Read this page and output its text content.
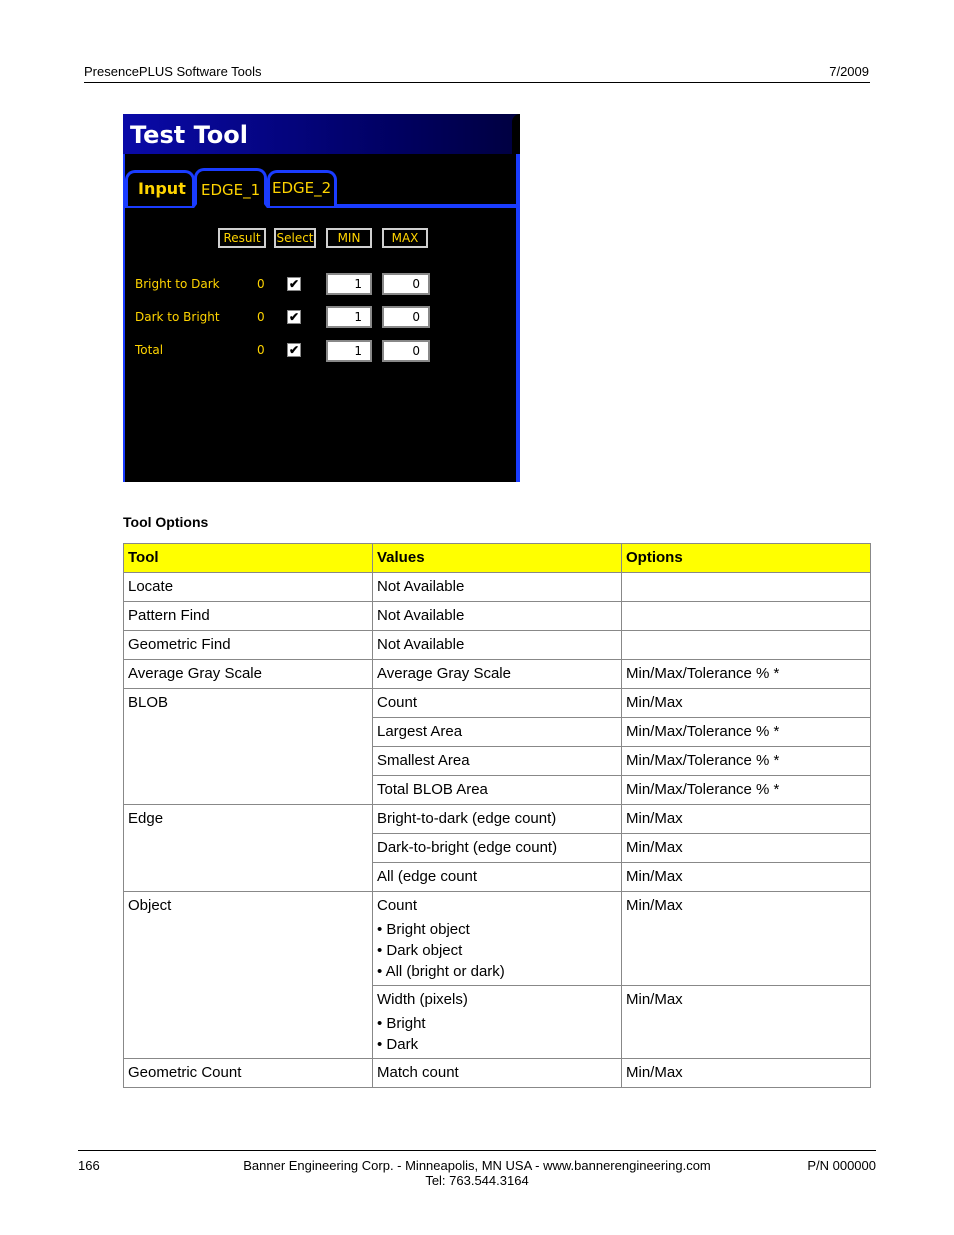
PresencePLUS Software Tools	7/2009
Test Tool
Input	EDGE_1 EDGE_2
Result	Select	MIN	MAX
Bright to Dark	0 ✔	1	0
Dark to Bright	0 ✔	1	0
Total	0 ✔	1	0
Tool Options
Tool	Values	Options
Locate	Not Available	
Pattern Find	Not Available	
Geometric Find	Not Available	
Average Gray Scale	Average Gray Scale	Min/Max/Tolerance % *
BLOB	Count	Min/Max
	Largest Area	Min/Max/Tolerance % *
	Smallest Area	Min/Max/Tolerance % *
	Total BLOB Area	Min/Max/Tolerance % *
Edge	Bright-to-dark (edge count)	Min/Max
	Dark-to-bright (edge count)	Min/Max
	All (edge count	Min/Max
Object	Count
• Bright object
• Dark object
• All (bright or dark)	Min/Max
	Width (pixels)
• Bright
• Dark	Min/Max
Geometric Count	Match count	Min/Max
166	Banner Engineering Corp. - Minneapolis, MN USA - www.bannerengineering.com
Tel: 763.544.3164
P/N 000000
